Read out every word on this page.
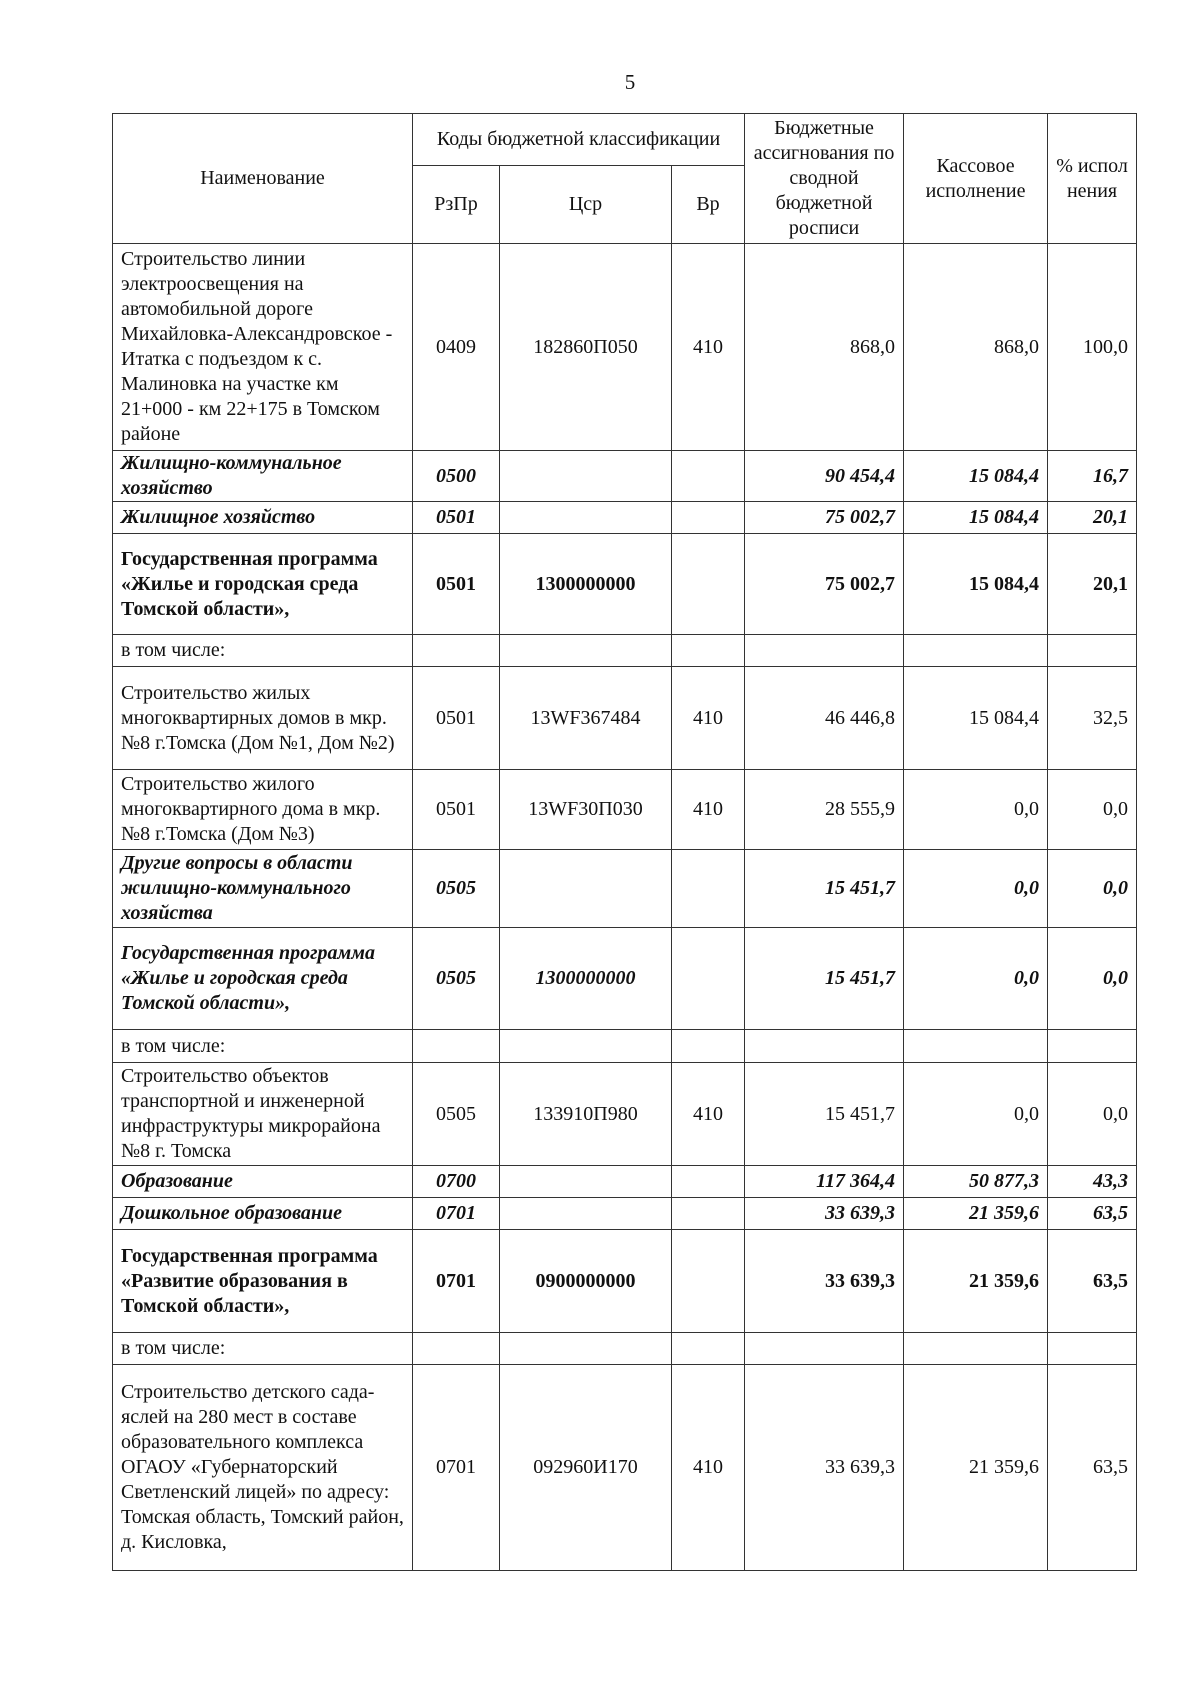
5
Наименование	Коды бюджетной классификации			Бюджетные ассигнования по сводной бюджетной росписи	Кассовое исполнение	% испол нения
	РзПр	Цср	Вр			
Строительство линии электроосвещения на автомобильной дороге Михайловка-Александровское - Итатка с подъездом к с. Малиновка на участке км 21+000 - км 22+175 в Томском районе	0409	182860П050	410	868,0	868,0	100,0
Жилищно-коммунальное хозяйство	0500			90 454,4	15 084,4	16,7
Жилищное хозяйство	0501			75 002,7	15 084,4	20,1
Государственная программа «Жилье и городская среда Томской области»,	0501	1300000000		75 002,7	15 084,4	20,1
в том числе:						
Строительство жилых многоквартирных домов в мкр.№8 г.Томска (Дом №1, Дом №2)	0501	13WF367484	410	46 446,8	15 084,4	32,5
Строительство жилого многоквартирного дома в мкр.№8 г.Томска (Дом №3)	0501	13WF30П030	410	28 555,9	0,0	0,0
Другие вопросы в области жилищно-коммунального хозяйства	0505			15 451,7	0,0	0,0
Государственная программа «Жилье и городская среда Томской области»,	0505	1300000000		15 451,7	0,0	0,0
в том числе:						
Строительство объектов транспортной и инженерной инфраструктуры микрорайона №8 г. Томска	0505	133910П980	410	15 451,7	0,0	0,0
Образование	0700			117 364,4	50 877,3	43,3
Дошкольное образование	0701			33 639,3	21 359,6	63,5
Государственная программа «Развитие образования в Томской области»,	0701	0900000000		33 639,3	21 359,6	63,5
в том числе:						
Строительство детского сада-яслей на 280 мест в составе образовательного комплекса ОГАОУ «Губернаторский Светленский лицей» по адресу: Томская область, Томский район, д. Кисловка,	0701	092960И170	410	33 639,3	21 359,6	63,5
